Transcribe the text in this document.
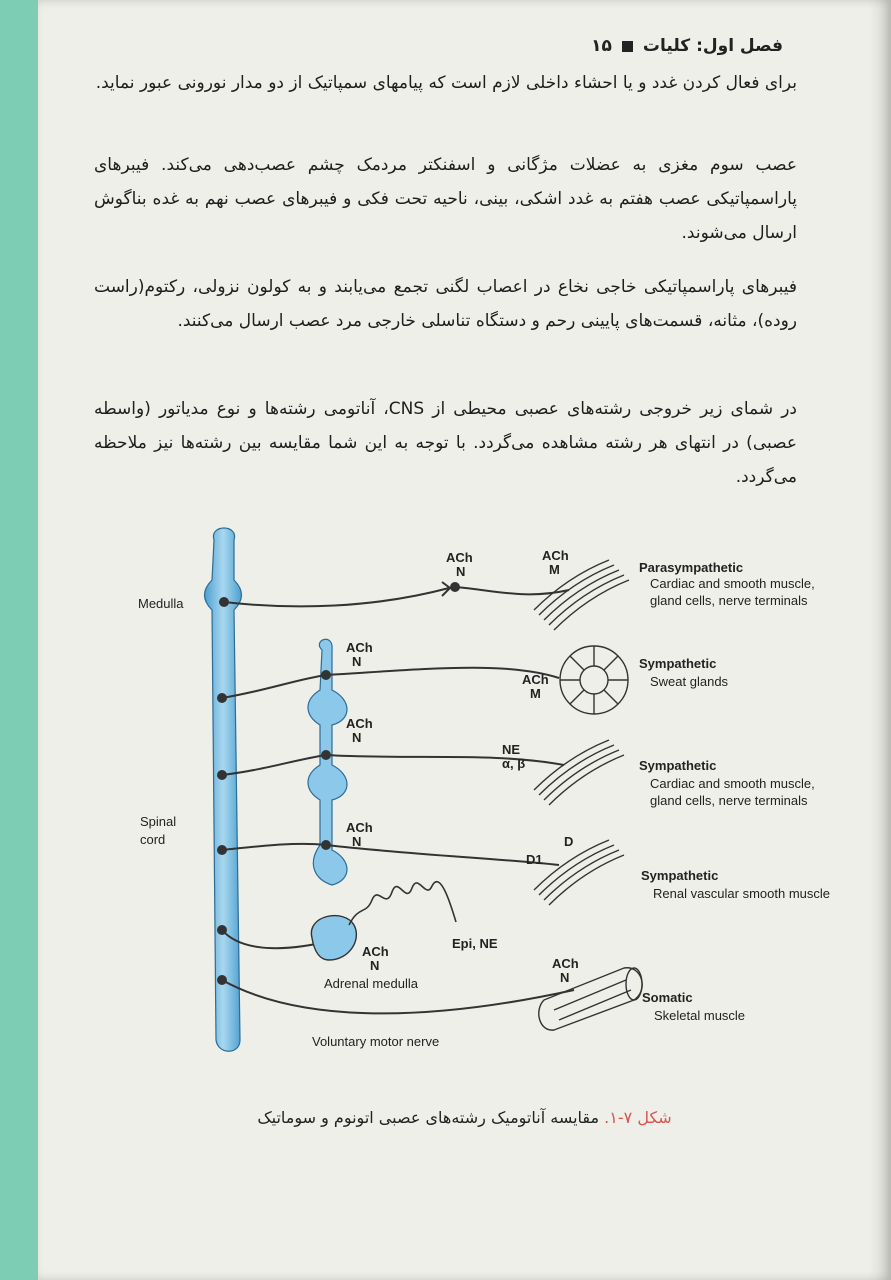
فصل اول: کلیات
۱۵

برای فعال کردن غدد و یا احشاء داخلی لازم است که پیامهای سمپاتیک از دو مدار نورونی عبور نماید.

عصب سوم مغزی به عضلات مژگانی و اسفنکتر مردمک چشم عصب‌دهی می‌کند. فیبرهای پاراسمپاتیکی عصب هفتم به غدد اشکی، بینی، ناحیه تحت فکی و فیبرهای عصب نهم به غده بناگوش ارسال می‌شوند.

فیبرهای پاراسمپاتیکی خاجی نخاع در اعصاب لگنی تجمع می‌یابند و به کولون نزولی، رکتوم(راست روده)، مثانه، قسمت‌های پایینی رحم و دستگاه تناسلی خارجی مرد عصب ارسال می‌کنند.

در شمای زیر خروجی رشته‌های عصبی محیطی از CNS، آناتومی رشته‌ها و نوع مدیاتور (واسطه عصبی) در انتهای هر رشته مشاهده می‌گردد. با توجه به این شما مقایسه بین رشته‌ها نیز ملاحظه می‌گردد.

Medulla
Spinal
cord
ACh
N
ACh
M	Parasympathetic
Cardiac and smooth muscle,
gland cells, nerve terminals
ACh
N
ACh
M
Sympathetic
Sweat glands
ACh
N
NE
α, β	Sympathetic
Cardiac and smooth muscle,
gland cells, nerve terminals
ACh
N	D
D1
Sympathetic
Renal vascular smooth muscle
ACh
N
Epi, NE
Adrenal medulla
ACh
N
Somatic
Skeletal muscle
Voluntary motor nerve
شکل ۷-۱. مقایسه آناتومیک رشته‌های عصبی اتونوم و سوماتیک
